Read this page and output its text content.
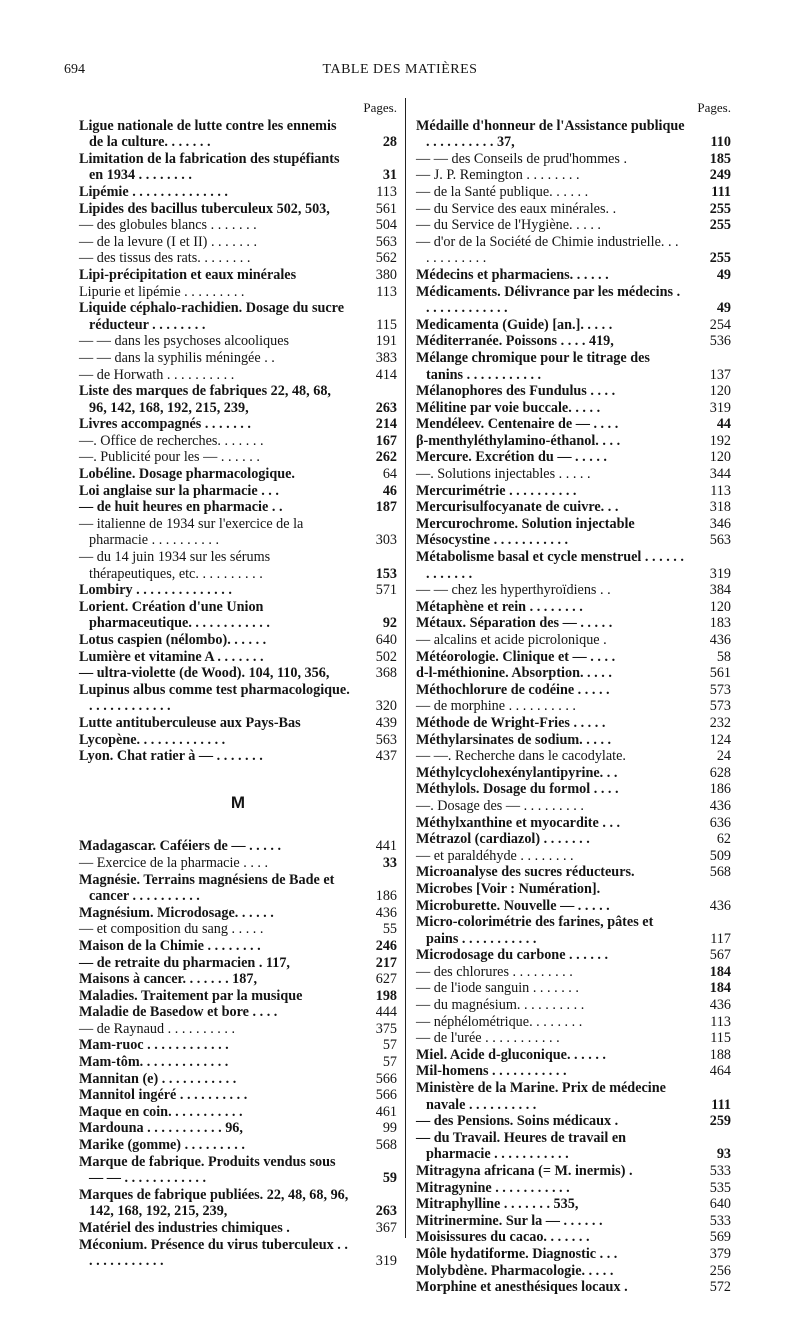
694	TABLE DES MATIÈRES
Pages.
Ligue nationale de lutte contre les ennemis de la culture. . . . . . .	28
Limitation de la fabrication des stupéfiants en 1934 . . . . . . . .	31
Lipémie . . . . . . . . . . . . . .	113
Lipides des bacillus tuberculeux 502, 503,	561
— des globules blancs . . . . . . .	504
— de la levure (I et II) . . . . . . .	563
— des tissus des rats. . . . . . . .	562
Lipi-précipitation et eaux minérales	380
Lipurie et lipémie . . . . . . . . .	113
Liquide céphalo-rachidien. Dosage du sucre réducteur . . . . . . . .	115
— — dans les psychoses alcooliques	191
— — dans la syphilis méningée . .	383
— de Horwath . . . . . . . . . .	414
Liste des marques de fabriques 22, 48, 68, 96, 142, 168, 192, 215, 239,	263
Livres accompagnés . . . . . . .	214
—. Office de recherches. . . . . . .	167
—. Publicité pour les — . . . . . .	262
Lobéline. Dosage pharmacologique.	64
Loi anglaise sur la pharmacie . . .	46
— de huit heures en pharmacie . .	187
— italienne de 1934 sur l'exercice de la pharmacie . . . . . . . . . .	303
— du 14 juin 1934 sur les sérums thérapeutiques, etc. . . . . . . . . .	153
Lombiry . . . . . . . . . . . . . .	571
Lorient. Création d'une Union pharmaceutique. . . . . . . . . . . .	92
Lotus caspien (nélombo). . . . . .	640
Lumière et vitamine A . . . . . . .	502
— ultra-violette (de Wood). 104, 110, 356,	368
Lupinus albus comme test pharmacologique. . . . . . . . . . . . .	320
Lutte antituberculeuse aux Pays-Bas	439
Lycopène. . . . . . . . . . . . .	563
Lyon. Chat ratier à — . . . . . . .	437
M
Madagascar. Caféiers de — . . . . .	441
— Exercice de la pharmacie . . . .	33
Magnésie. Terrains magnésiens de Bade et cancer . . . . . . . . . .	186
Magnésium. Microdosage. . . . . .	436
— et composition du sang . . . . .	55
Maison de la Chimie . . . . . . . .	246
— de retraite du pharmacien . 117,	217
Maisons à cancer. . . . . . . 187,	627
Maladies. Traitement par la musique	198
Maladie de Basedow et bore . . . .	444
— de Raynaud . . . . . . . . . .	375
Mam-ruoc . . . . . . . . . . . .	57
Mam-tôm. . . . . . . . . . . . .	57
Mannitan (e) . . . . . . . . . . .	566
Mannitol ingéré . . . . . . . . . .	566
Maque en coin. . . . . . . . . . .	461
Mardouna . . . . . . . . . . . 96,	99
Marike (gomme) . . . . . . . . .	568
Marque de fabrique. Produits vendus sous — — . . . . . . . . . . . .	59
Marques de fabrique publiées. 22, 48, 68, 96, 142, 168, 192, 215, 239,	263
Matériel des industries chimiques .	367
Méconium. Présence du virus tuberculeux . . . . . . . . . . . . .	319
Pages.
Médaille d'honneur de l'Assistance publique . . . . . . . . . . 37,	110
— — des Conseils de prud'hommes .	185
— J. P. Remington . . . . . . . .	249
— de la Santé publique. . . . . .	111
— du Service des eaux minérales. .	255
— du Service de l'Hygiène. . . . .	255
— d'or de la Société de Chimie industrielle. . . . . . . . . . . .	255
Médecins et pharmaciens. . . . . .	49
Médicaments. Délivrance par les médecins . . . . . . . . . . . . .	49
Medicamenta (Guide) [an.]. . . . .	254
Méditerranée. Poissons . . . . 419,	536
Mélange chromique pour le titrage des tanins . . . . . . . . . . .	137
Mélanophores des Fundulus . . . .	120
Mélitine par voie buccale. . . . .	319
Mendéleev. Centenaire de — . . . .	44
β-menthyléthylamino-éthanol. . . .	192
Mercure. Excrétion du — . . . . .	120
—. Solutions injectables . . . . .	344
Mercurimétrie . . . . . . . . . .	113
Mercurisulfocyanate de cuivre. . .	318
Mercurochrome. Solution injectable	346
Mésocystine . . . . . . . . . . .	563
Métabolisme basal et cycle menstruel . . . . . . . . . . . . .	319
— — chez les hyperthyroïdiens . .	384
Métaphène et rein . . . . . . . .	120
Métaux. Séparation des — . . . . .	183
— alcalins et acide picrolonique .	436
Météorologie. Clinique et — . . . .	58
d-l-méthionine. Absorption. . . . .	561
Méthochlorure de codéine . . . . .	573
— de morphine . . . . . . . . . .	573
Méthode de Wright-Fries . . . . .	232
Méthylarsinates de sodium. . . . .	124
— —. Recherche dans le cacodylate.	24
Méthylcyclohexénylantipyrine. . .	628
Méthylols. Dosage du formol . . . .	186
—. Dosage des — . . . . . . . . .	436
Méthylxanthine et myocardite . . .	636
Métrazol (cardiazol) . . . . . . .	62
— et paraldéhyde . . . . . . . .	509
Microanalyse des sucres réducteurs.	568
Microbes [Voir : Numération].
Microburette. Nouvelle — . . . . .	436
Micro-colorimétrie des farines, pâtes et pains . . . . . . . . . . .	117
Microdosage du carbone . . . . . .	567
— des chlorures . . . . . . . . .	184
— de l'iode sanguin . . . . . . .	184
— du magnésium. . . . . . . . . .	436
— néphélométrique. . . . . . . .	113
— de l'urée . . . . . . . . . . .	115
Miel. Acide d-gluconique. . . . . .	188
Mil-homens . . . . . . . . . . .	464
Ministère de la Marine. Prix de médecine navale . . . . . . . . . .	111
— des Pensions. Soins médicaux .	259
— du Travail. Heures de travail en pharmacie . . . . . . . . . . .	93
Mitragyna africana (= M. inermis) .	533
Mitragynine . . . . . . . . . . .	535
Mitraphylline . . . . . . . 535,	640
Mitrinermine. Sur la — . . . . . .	533
Moisissures du cacao. . . . . . .	569
Môle hydatiforme. Diagnostic . . .	379
Molybdène. Pharmacologie. . . . .	256
Morphine et anesthésiques locaux .	572
